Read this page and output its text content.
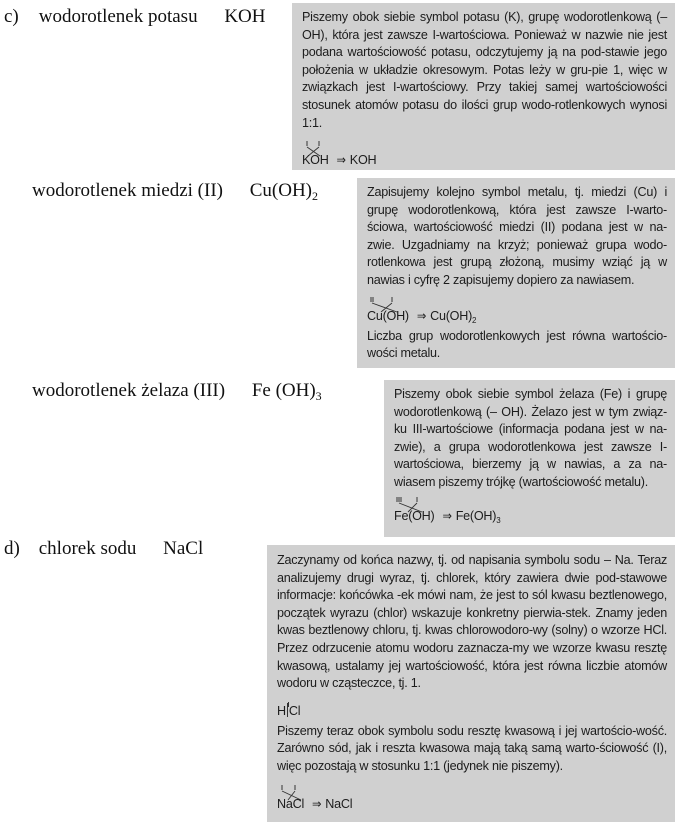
c) wodorotlenek potasu KOH	Piszemy obok siebie symbol potasu (K), grupę wodorotlenkową (– OH), która jest zawsze I-wartościowa. Ponieważ w nazwie nie jest podana wartościowość potasu, odczytujemy ją na pod-stawie jego położenia w układzie okresowym. Potas leży w gru-pie 1, więc w związkach jest I-wartościowy. Przy takiej samej wartościowości stosunek atomów potasu do ilości grup wodo-rotlenkowych wynosi 1:1.

KOH ⇒ KOH
wodorotlenek miedzi (II) $Cu(OH)_2$	Zapisujemy kolejno symbol metalu, tj. miedzi (Cu) i grupę wodorotlenkową, która jest zawsze I-warto-ściowa, wartościowość miedzi (II) podana jest w na-zwie. Uzgadniamy na krzyż; ponieważ grupa wodo-rotlenkowa jest grupą złożoną, musimy wziąć ją w nawias i cyfrę 2 zapisujemy dopiero za nawiasem.

Cu(OH) ⇒ $Cu(OH)_2$

Liczba grup wodorotlenkowych jest równa wartościo-wości metalu.

wodorotlenek żelaza (III) Fe $(OH)_3$	Piszemy obok siebie symbol żelaza (Fe) i grupę wodorotlenkową (– OH). Żelazo jest w tym związ-ku III-wartościowe (informacja podana jest w na-zwie), a grupa wodorotlenkowa jest zawsze I-wartościowa, bierzemy ją w nawias, a za na-wiasem piszemy trójkę (wartościowość metalu).

Fe(OH) ⇒ $Fe(OH)_3$
d) chlorek sodu NaCl

Zaczynamy od końca nazwy, tj. od napisania symbolu sodu – Na. Teraz analizujemy drugi wyraz, tj. chlorek, który zawiera dwie pod-stawowe informacje: końcówka -ek mówi nam, że jest to sól kwasu beztlenowego, początek wyrazu (chlor) wskazuje konkretny pierwia-stek. Znamy jeden kwas beztlenowy chloru, tj. kwas chlorowodoro-wy (solny) o wzorze HCl. Przez odrzucenie atomu wodoru zaznacza-my we wzorze kwasu resztę kwasową, ustalamy jej wartościowość, która jest równa liczbie atomów wodoru w cząsteczce, tj. 1.

H Cl

Piszemy teraz obok symbolu sodu resztę kwasową i jej wartościo-wość. Zarówno sód, jak i reszta kwasowa mają taką samą warto-ściowość (I), więc pozostają w stosunku 1:1 (jedynek nie piszemy).

NaCl ⇒ NaCl
